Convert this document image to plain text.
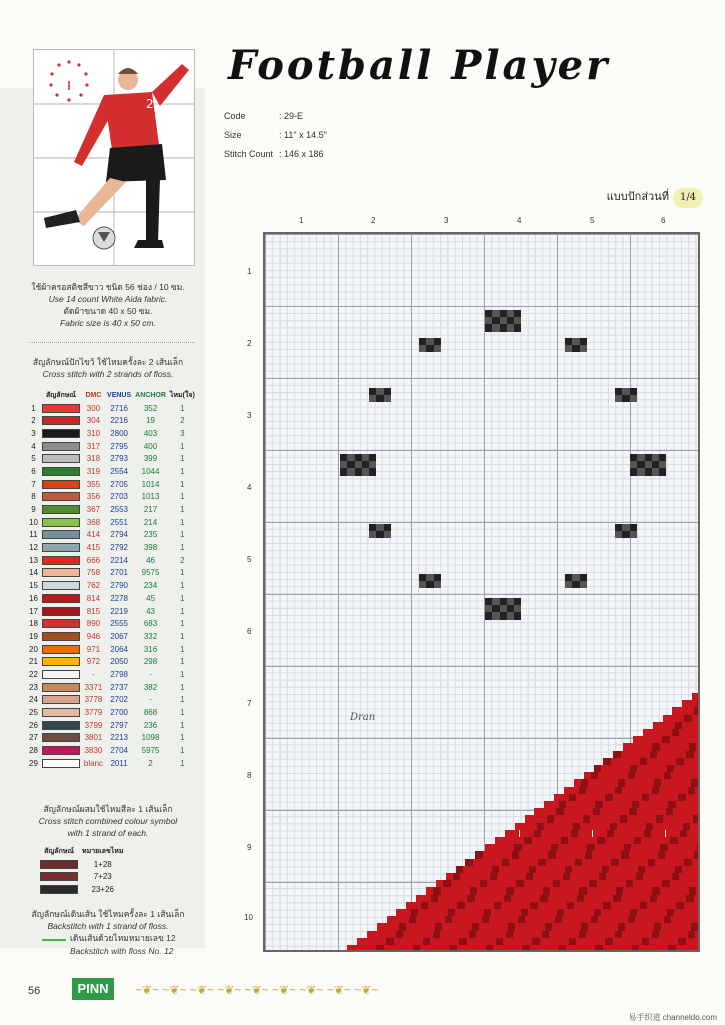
2
Football Player
Code	: 29-E
Size	: 11" x 14.5"
Stitch Count	: 146 x 186
แบบปักส่วนที่	1/4
ใช้ผ้าครอสติชสีขาว ชนิด 56 ช่อง / 10 ซม.
Use 14 count White Aida fabric.
ตัดผ้าขนาด 40 x 50 ซม.
Fabric size is 40 x 50 cm.
สัญลักษณ์ปักไขว้ ใช้ไหมครั้งละ 2 เส้นเล็ก
Cross stitch with 2 strands of floss.
	สัญลักษณ์	DMC	VENUS	ANCHOR	ไหม(ใจ)
1		300	2716	352	1
2		304	2216	19	2
3		310	2800	403	3
4		317	2795	400	1
5		318	2793	399	1
6		319	2554	1044	1
7		355	2705	1014	1
8		356	2703	1013	1
9		367	2553	217	1
10		368	2551	214	1
11		414	2794	235	1
12		415	2792	398	1
13		666	2214	46	2
14		758	2701	9575	1
15		762	2790	234	1
16		814	2278	45	1
17		815	2219	43	1
18		890	2555	683	1
19		946	2067	332	1
20		971	2064	316	1
21		972	2050	298	1
22		-	2798	-	1
23		3371	2737	382	1
24		3778	2702	-	1
25		3779	2700	868	1
26		3799	2797	236	1
27		3801	2213	1098	1
28		3830	2704	5975	1
29		blanc	2011	2	1
สัญลักษณ์ผสมใช้ไหมสีละ 1 เส้นเล็ก
Cross stitch combined colour symbol
with 1 strand of each.
สัญลักษณ์	หมายเลขไหม

	1+28

	7+23

	23+26
สัญลักษณ์เดินเส้น ใช้ไหมครั้งละ 1 เส้นเล็ก
Backstitch with 1 strand of floss.
เดินเส้นด้วยไหมหมายเลข 12
Backstitch with floss No. 12
1	2	3	4	5	6
1
2
3
4
5
6
7
8
9
10
Dran
56	PINN	~❦~ ~❦~ ~❦~ ~❦~ ~❦~ ~❦~ ~❦~ ~❦~ ~❦~
易手织道 channeldo.com
